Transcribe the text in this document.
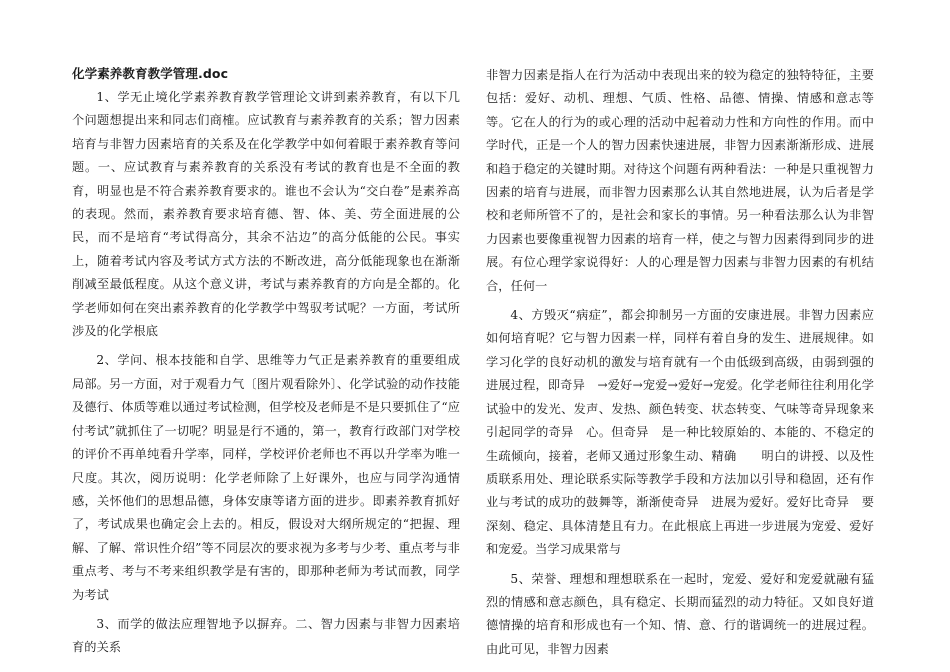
化学素养教育教学管理.doc

1、学无止境化学素养教育教学管理论文讲到素养教育，有以下几个问题想提出来和同志们商榷。应试教育与素养教育的关系；智力因素培育与非智力因素培育的关系及在化学教学中如何着眼于素养教育等问题。一、应试教育与素养教育的关系没有考试的教育也是不全面的教育，明显也是不符合素养教育要求的。谁也不会认为“交白卷”是素养高的表现。然而，素养教育要求培育德、智、体、美、劳全面进展的公民，而不是培育“考试得高分，其余不沾边”的高分低能的公民。事实上，随着考试内容及考试方式方法的不断改进，高分低能现象也在渐渐削减至最低程度。从这个意义讲，考试与素养教育的方向是全都的。化学老师如何在突出素养教育的化学教学中驾驭考试呢？一方面，考试所涉及的化学根底

2、学问、根本技能和自学、思维等力气正是素养教育的重要组成局部。另一方面，对于观看力气〔图片观看除外〕、化学试验的动作技能及德行、体质等难以通过考试检测，但学校及老师是不是只要抓住了“应付考试”就抓住了一切呢？明显是行不通的，第一，教育行政部门对学校的评价不再单纯看升学率，同样，学校评价老师也不再以升学率为唯一尺度。其次，阅历说明：化学老师除了上好课外，也应与同学沟通情感，关怀他们的思想品德，身体安康等诸方面的进步。即素养教育抓好了，考试成果也确定会上去的。相反，假设对大纲所规定的“把握、理解、了解、常识性介绍”等不同层次的要求视为多考与少考、重点考与非重点考、考与不考来组织教学是有害的，即那种老师为考试而教，同学为考试

3、而学的做法应理智地予以摒弃。二、智力因素与非智力因素培育的关系

非智力因素是指人在行为活动中表现出来的较为稳定的独特特征，主要包括：爱好、动机、理想、气质、性格、品德、情操、情感和意志等等。它在人的行为的或心理的活动中起着动力性和方向性的作用。而中学时代，正是一个人的智力因素快速进展，非智力因素渐渐形成、进展和趋于稳定的关键时期。对待这个问题有两种看法：一种是只重视智力因素的培育与进展，而非智力因素那么认其自然地进展，认为后者是学校和老师所管不了的，是社会和家长的事情。另一种看法那么认为非智力因素也要像重视智力因素的培育一样，使之与智力因素得到同步的进展。有位心理学家说得好：人的心理是智力因素与非智力因素的有机结合，任何一

4、方毁灭“病症”，都会抑制另一方面的安康进展。非智力因素应如何培育呢？它与智力因素一样，同样有着自身的发生、进展规律。如学习化学的良好动机的激发与培育就有一个由低级到高级，由弱到强的进展过程，即奇异　→爱好→宠爱→爱好→宠爱。化学老师往往利用化学试验中的发光、发声、发热、颜色转变、状态转变、气味等奇异现象来引起同学的奇异　心。但奇异　是一种比较原始的、本能的、不稳定的生疏倾向，接着，老师又通过形象生动、精确　　明白的讲授、以及性质联系用处、理论联系实际等教学手段和方法加以引导和稳固，还有作业与考试的成功的鼓舞等，渐渐使奇异　进展为爱好。爱好比奇异　要深刻、稳定、具体清楚且有力。在此根底上再进一步进展为宠爱、爱好和宠爱。当学习成果常与

5、荣誉、理想和理想联系在一起时，宠爱、爱好和宠爱就融有猛烈的情感和意志颜色，具有稳定、长期而猛烈的动力特征。又如良好道德情操的培育和形成也有一个知、情、意、行的谐调统一的进展过程。由此可见，非智力因素
